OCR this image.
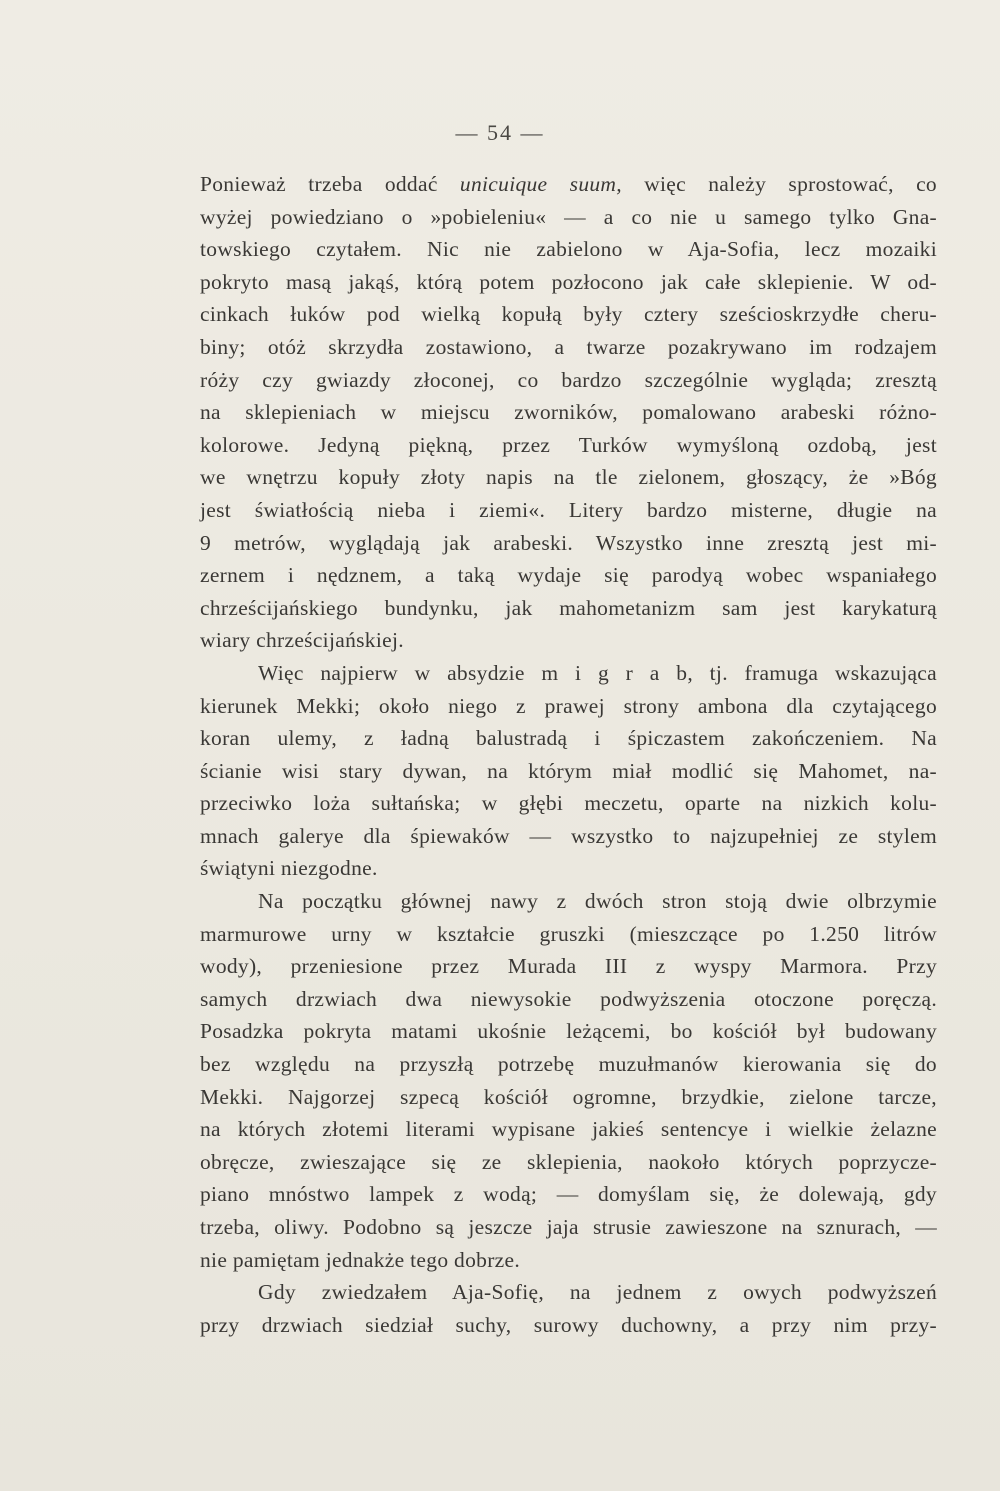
— 54 —
Ponieważ trzeba oddać unicuique suum, więc należy sprostować, co
wyżej powiedziano o »pobieleniu« — a co nie u samego tylko Gna-
towskiego czytałem. Nic nie zabielono w Aja-Sofia, lecz mozaiki
pokryto masą jakąś, którą potem pozłocono jak całe sklepienie. W od-
cinkach łuków pod wielką kopułą były cztery sześcioskrzydłe cheru-
biny; otóż skrzydła zostawiono, a twarze pozakrywano im rodzajem
róży czy gwiazdy złoconej, co bardzo szczególnie wygląda; zresztą
na sklepieniach w miejscu zworników, pomalowano arabeski różno-
kolorowe. Jedyną piękną, przez Turków wymyśloną ozdobą, jest
we wnętrzu kopuły złoty napis na tle zielonem, głoszący, że »Bóg
jest światłością nieba i ziemi«. Litery bardzo misterne, długie na
9 metrów, wyglądają jak arabeski. Wszystko inne zresztą jest mi-
zernem i nędznem, a taką wydaje się parodyą wobec wspaniałego
chrześcijańskiego bundynku, jak mahometanizm sam jest karykaturą
wiary chrześcijańskiej.
Więc najpierw w absydzie m i g r a b, tj. framuga wskazująca
kierunek Mekki; około niego z prawej strony ambona dla czytającego
koran ulemy, z ładną balustradą i śpiczastem zakończeniem. Na
ścianie wisi stary dywan, na którym miał modlić się Mahomet, na-
przeciwko loża sułtańska; w głębi meczetu, oparte na nizkich kolu-
mnach galerye dla śpiewaków — wszystko to najzupełniej ze stylem
świątyni niezgodne.
Na początku głównej nawy z dwóch stron stoją dwie olbrzymie
marmurowe urny w kształcie gruszki (mieszczące po 1.250 litrów
wody), przeniesione przez Murada III z wyspy Marmora. Przy
samych drzwiach dwa niewysokie podwyższenia otoczone poręczą.
Posadzka pokryta matami ukośnie leżącemi, bo kościół był budowany
bez względu na przyszłą potrzebę muzułmanów kierowania się do
Mekki. Najgorzej szpecą kościół ogromne, brzydkie, zielone tarcze,
na których złotemi literami wypisane jakieś sentencye i wielkie żelazne
obręcze, zwieszające się ze sklepienia, naokoło których poprzycze-
piano mnóstwo lampek z wodą; — domyślam się, że dolewają, gdy
trzeba, oliwy. Podobno są jeszcze jaja strusie zawieszone na sznurach, —
nie pamiętam jednakże tego dobrze.
Gdy zwiedzałem Aja-Sofię, na jednem z owych podwyższeń
przy drzwiach siedział suchy, surowy duchowny, a przy nim przy-
